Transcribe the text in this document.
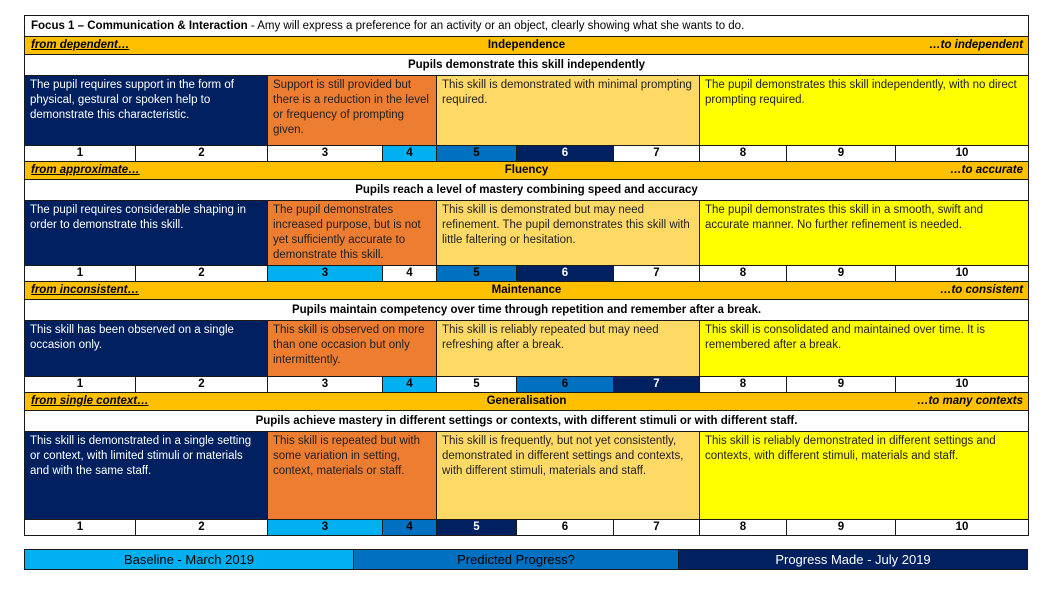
Focus 1 – Communication & Interaction - Amy will express a preference for an activity or an object, clearly showing what she wants to do.									

Independence
from dependent… …to independent									

Pupils demonstrate this skill independently									
The pupil requires support in the form of physical, gestural or spoken help to demonstrate this characteristic.		Support is still provided but there is a reduction in the level or frequency of prompting given.		This skill is demonstrated with minimal prompting required.			The pupil demonstrates this skill independently, with no direct prompting required.		
1	2	3	4	5	6	7	8	9	10

Fluency
from approximate… …to accurate									

Pupils reach a level of mastery combining speed and accuracy									
The pupil requires considerable shaping in order to demonstrate this skill.		The pupil demonstrates increased purpose, but is not yet sufficiently accurate to demonstrate this skill.		This skill is demonstrated but may need refinement. The pupil demonstrates this skill with little faltering or hesitation.			The pupil demonstrates this skill in a smooth, swift and accurate manner. No further refinement is needed.		
1	2	3	4	5	6	7	8	9	10

Maintenance
from inconsistent… …to consistent									

Pupils maintain competency over time through repetition and remember after a break.									
This skill has been observed on a single occasion only.		This skill is observed on more than one occasion but only intermittently.		This skill is reliably repeated but may need refreshing after a break.			This skill is consolidated and maintained over time. It is remembered after a break.		
1	2	3	4	5	6	7	8	9	10

Generalisation
from single context… …to many contexts									

Pupils achieve mastery in different settings or contexts, with different stimuli or with different staff.									
This skill is demonstrated in a single setting or context, with limited stimuli or materials and with the same staff.		This skill is repeated but with some variation in setting, context, materials or staff.		This skill is frequently, but not yet consistently, demonstrated in different settings and contexts, with different stimuli, materials and staff.			This skill is reliably demonstrated in different settings and contexts, with different stimuli, materials and staff.		
1	2	3	4	5	6	7	8	9	10
Baseline - March 2019	Predicted Progress?	Progress Made - July 2019
